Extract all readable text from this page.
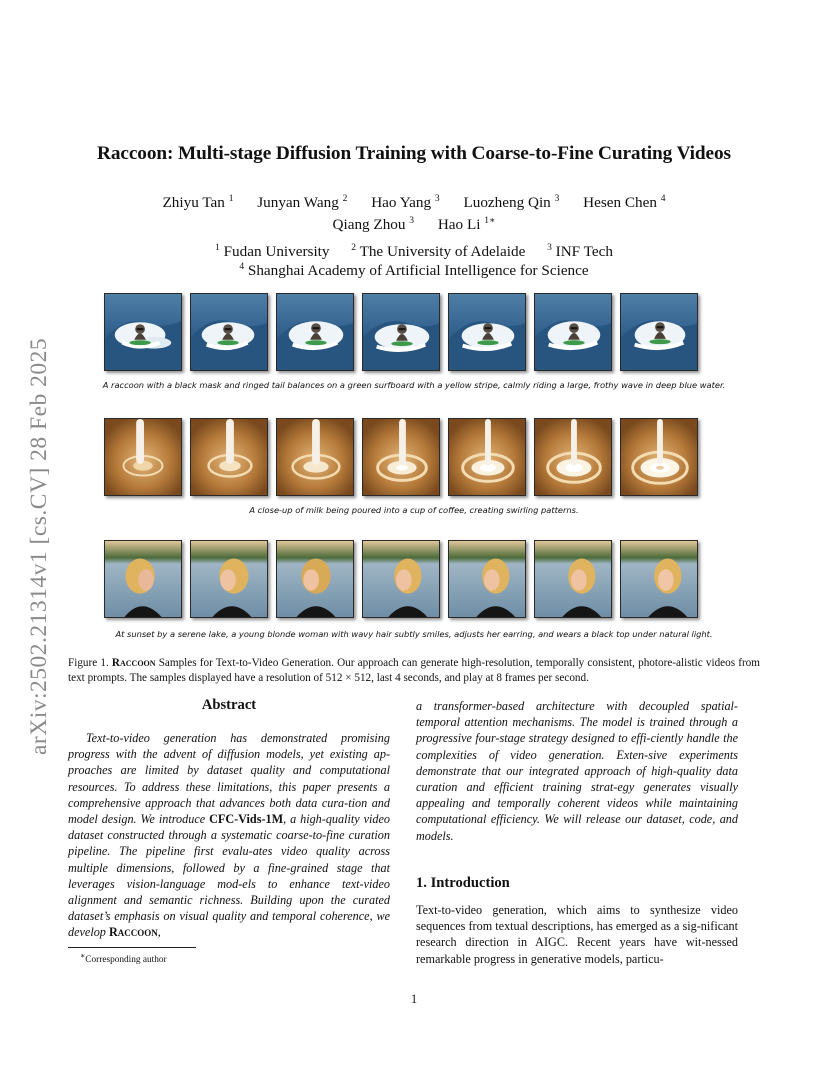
arXiv:2502.21314v1 [cs.CV] 28 Feb 2025
Raccoon: Multi-stage Diffusion Training with Coarse-to-Fine Curating Videos
Zhiyu Tan $^1$ Junyan Wang $^2$ Hao Yang $^3$ Luozheng Qin $^3$ Hesen Chen $^4$
Qiang Zhou $^3$ Hao Li $^{1∗}$
$^1$ Fudan University $^2$ The University of Adelaide $^3$ INF Tech
$^4$ Shanghai Academy of Artificial Intelligence for Science
A raccoon with a black mask and ringed tail balances on a green surfboard with a yellow stripe, calmly riding a large, frothy wave in deep blue water.
A close-up of milk being poured into a cup of coffee, creating swirling patterns.
At sunset by a serene lake, a young blonde woman with wavy hair subtly smiles, adjusts her earring, and wears a black top under natural light.
Figure 1. Raccoon Samples for Text-to-Video Generation. Our approach can generate high-resolution, temporally consistent, photore-alistic videos from text prompts. The samples displayed have a resolution of 512 × 512, last 4 seconds, and play at 8 frames per second.
Abstract
Text-to-video generation has demonstrated promising progress with the advent of diffusion models, yet existing ap-proaches are limited by dataset quality and computational resources. To address these limitations, this paper presents a comprehensive approach that advances both data cura-tion and model design. We introduce CFC-Vids-1M, a high-quality video dataset constructed through a systematic coarse-to-fine curation pipeline. The pipeline first evalu-ates video quality across multiple dimensions, followed by a fine-grained stage that leverages vision-language mod-els to enhance text-video alignment and semantic richness. Building upon the curated dataset’s emphasis on visual quality and temporal coherence, we develop Raccoon,
a transformer-based architecture with decoupled spatial-temporal attention mechanisms. The model is trained through a progressive four-stage strategy designed to effi-ciently handle the complexities of video generation. Exten-sive experiments demonstrate that our integrated approach of high-quality data curation and efficient training strat-egy generates visually appealing and temporally coherent videos while maintaining computational efficiency. We will release our dataset, code, and models.
1. Introduction
Text-to-video generation, which aims to synthesize video sequences from textual descriptions, has emerged as a sig-nificant research direction in AIGC. Recent years have wit-nessed remarkable progress in generative models, particu-
∗Corresponding author
1
